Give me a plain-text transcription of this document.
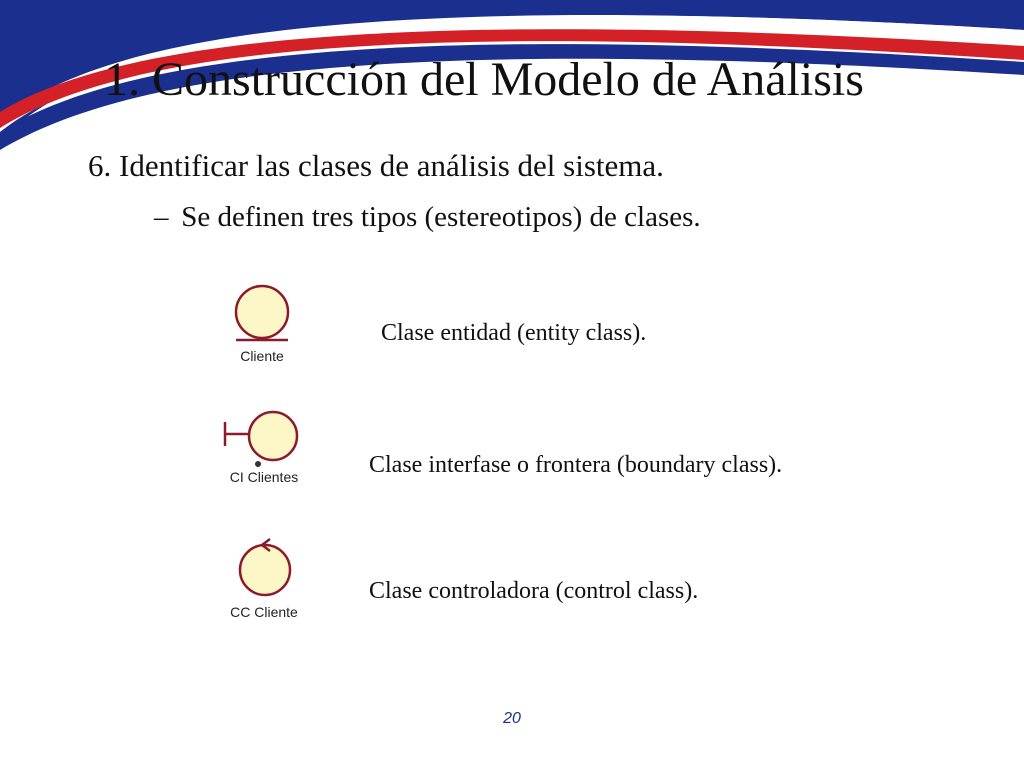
1. Construcción del Modelo de Análisis
6. Identificar las clases de análisis del sistema.
– Se definen tres tipos (estereotipos) de clases.
Cliente
Clase entidad (entity class).
CI Clientes	Clase interfase o frontera (boundary class).
CC Cliente
Clase controladora (control class).
20
